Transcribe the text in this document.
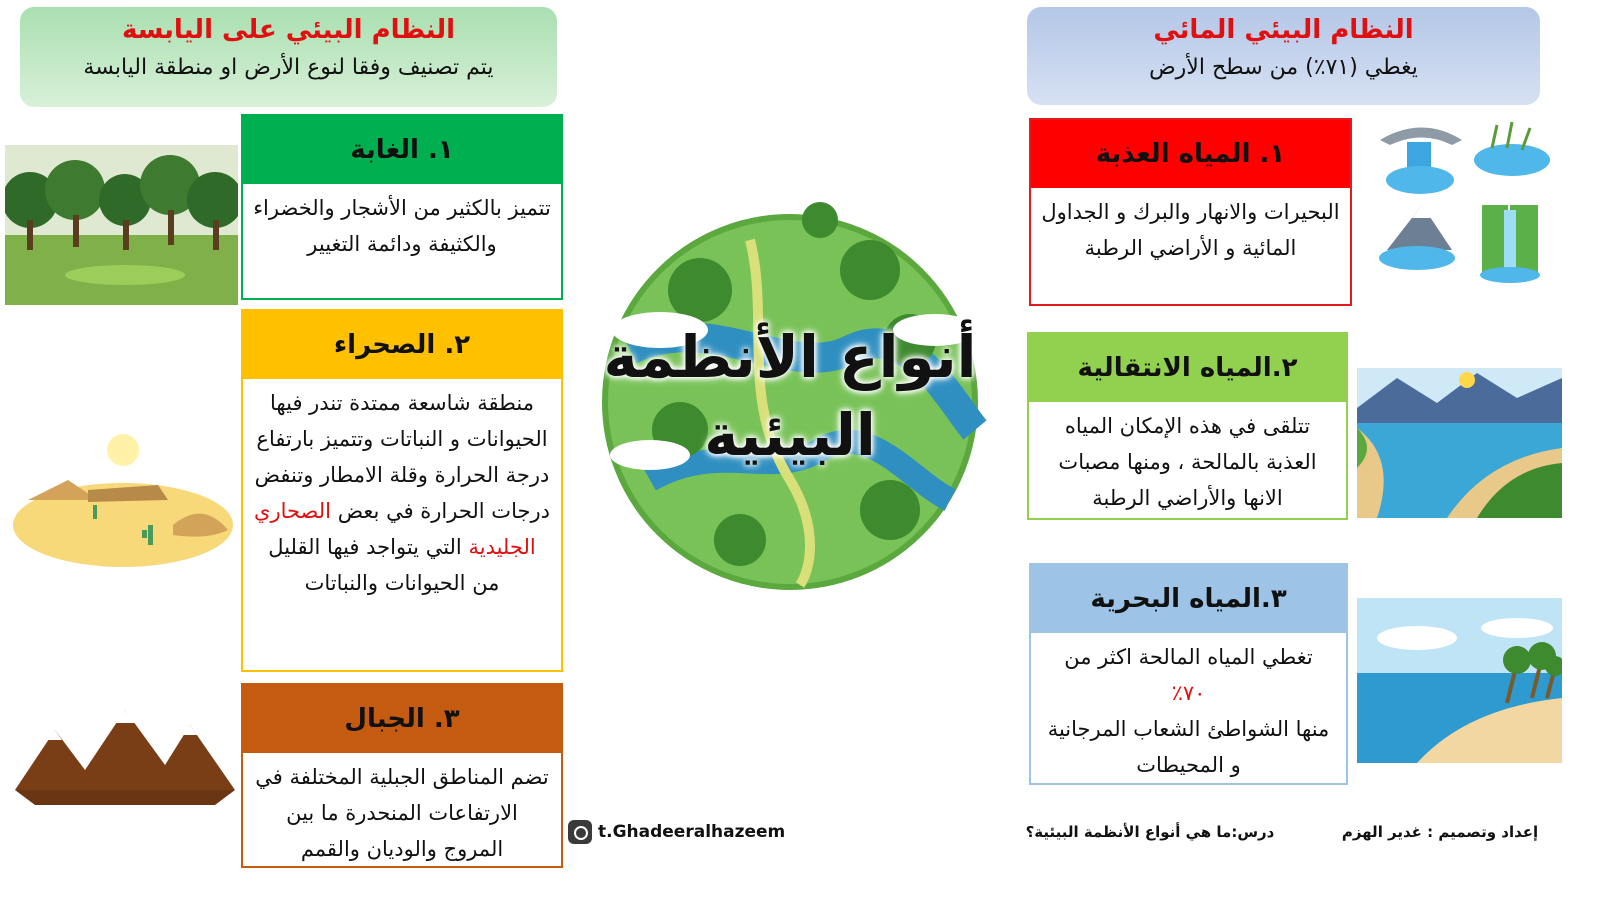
النظام البيئي المائي
يغطي (٧١٪) من سطح الأرض
النظام البيئي على اليابسة
يتم تصنيف وفقا لنوع الأرض او منطقة اليابسة
١. المياه العذبة
البحيرات والانهار والبرك و الجداول المائية و الأراضي الرطبة
٢.المياه الانتقالية
تتلقى في هذه الإمكان المياه العذبة بالمالحة ، ومنها مصبات الانها والأراضي الرطبة
٣.المياه البحرية
تغطي المياه المالحة اكثر من
٧٠٪
منها الشواطئ الشعاب المرجانية و المحيطات
١. الغابة
تتميز بالكثير من الأشجار والخضراء والكثيفة ودائمة التغيير
٢. الصحراء
منطقة شاسعة ممتدة تندر فيها الحيوانات و النباتات وتتميز بارتفاع درجة الحرارة وقلة الامطار وتنفض درجات الحرارة في بعض الصحاري الجليدية التي يتواجد فيها القليل من الحيوانات والنباتات
٣. الجبال
تضم المناطق الجبلية المختلفة في الارتفاعات المنحدرة ما بين المروج والوديان والقمم
أنواع الأنظمة
البيئية
t.Ghadeeralhazeem	درس:ما هي أنواع الأنظمة البيئية؟	إعداد وتصميم : غدير الهزم
